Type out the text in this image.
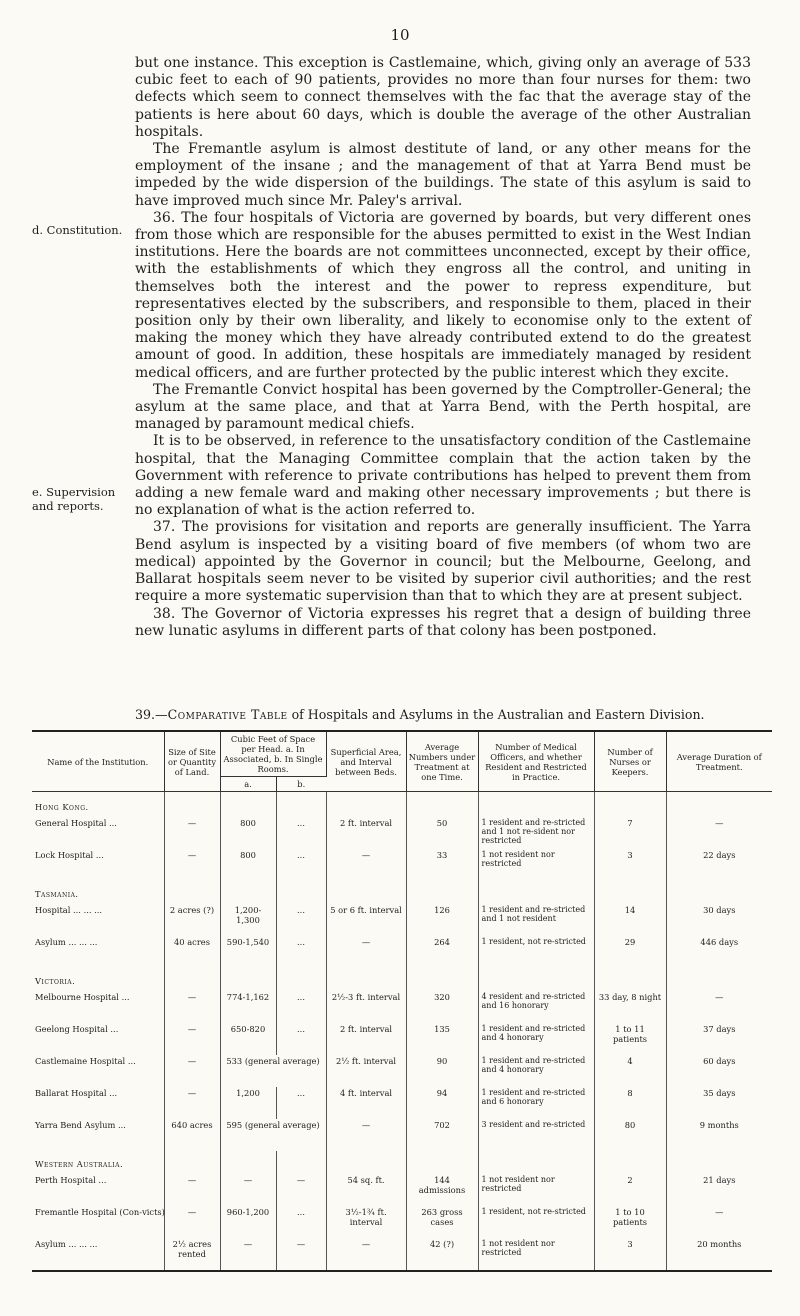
10
d. Constitution.
e. Supervision and reports.

but one instance. This exception is Castlemaine, which, giving only an average of 533 cubic feet to each of 90 patients, provides no more than four nurses for them: two defects which seem to connect themselves with the fac that the average stay of the patients is here about 60 days, which is double the average of the other Australian hospitals.

The Fremantle asylum is almost destitute of land, or any other means for the employment of the insane ; and the management of that at Yarra Bend must be impeded by the wide dispersion of the buildings. The state of this asylum is said to have improved much since Mr. Paley's arrival.

36. The four hospitals of Victoria are governed by boards, but very different ones from those which are responsible for the abuses permitted to exist in the West Indian institutions. Here the boards are not committees unconnected, except by their office, with the establishments of which they engross all the control, and uniting in themselves both the interest and the power to repress expenditure, but representatives elected by the subscribers, and responsible to them, placed in their position only by their own liberality, and likely to economise only to the extent of making the money which they have already contributed extend to do the greatest amount of good. In addition, these hospitals are immediately managed by resident medical officers, and are further protected by the public interest which they excite.

The Fremantle Convict hospital has been governed by the Comptroller-General; the asylum at the same place, and that at Yarra Bend, with the Perth hospital, are managed by paramount medical chiefs.

It is to be observed, in reference to the unsatisfactory condition of the Castlemaine hospital, that the Managing Committee complain that the action taken by the Government with reference to private contributions has helped to prevent them from adding a new female ward and making other necessary improvements ; but there is no explanation of what is the action referred to.

37. The provisions for visitation and reports are generally insufficient. The Yarra Bend asylum is inspected by a visiting board of five members (of whom two are medical) appointed by the Governor in council; but the Melbourne, Geelong, and Ballarat hospitals seem never to be visited by superior civil authorities; and the rest require a more systematic supervision than that to which they are at present subject.

38. The Governor of Victoria expresses his regret that a design of building three new lunatic asylums in different parts of that colony has been postponed.

39.—Comparative Table of Hospitals and Asylums in the Australian and Eastern Division.
Name of the Institution.	Size of Site or Quantity of Land.	Cubic Feet of Space per Head. a. In Associated, b. In Single Rooms.		Superficial Area, and Interval between Beds.	Average Numbers under Treatment at one Time.	Number of Medical Officers, and whether Resident and Restricted in Practice.	Number of Nurses or Keepers.	Average Duration of Treatment.
		a.	b.					
Hong Kong.								
General Hospital ...	—	800	...	2 ft. interval	50	1 resident and re-stricted and 1 not re-sident nor restricted	7	—
Lock Hospital ...	—	800	...	—	33	1 not resident nor restricted	3	22 days
Tasmania.								
Hospital ... ... ...	2 acres (?)	1,200-1,300	...	5 or 6 ft. interval	126	1 resident and re-stricted and 1 not resident	14	30 days
Asylum ... ... ...	40 acres	590-1,540	...	—	264	1 resident, not re-stricted	29	446 days
Victoria.								
Melbourne Hospital ...	—	774-1,162	...	2½-3 ft. interval	320	4 resident and re-stricted and 16 honorary	33 day, 8 night	—
Geelong Hospital ...	—	650-820	...	2 ft. interval	135	1 resident and re-stricted and 4 honorary	1 to 11 patients	37 days
Castlemaine Hospital ...	—	533 (general average)		2½ ft. interval	90	1 resident and re-stricted and 4 honorary	4	60 days
Ballarat Hospital ...	—	1,200	...	4 ft. interval	94	1 resident and re-stricted and 6 honorary	8	35 days
Yarra Bend Asylum ...	640 acres	595 (general average)		—	702	3 resident and re-stricted	80	9 months
Western Australia.								
Perth Hospital ...	—	—	—	54 sq. ft.	144 admissions	1 not resident nor restricted	2	21 days
Fremantle Hospital (Con-victs)	—	960-1,200	...	3½-1¾ ft. interval	263 gross cases	1 resident, not re-stricted	1 to 10 patients	—
Asylum ... ... ...	2½ acres rented	—	—	—	42 (?)	1 not resident nor restricted	3	20 months
